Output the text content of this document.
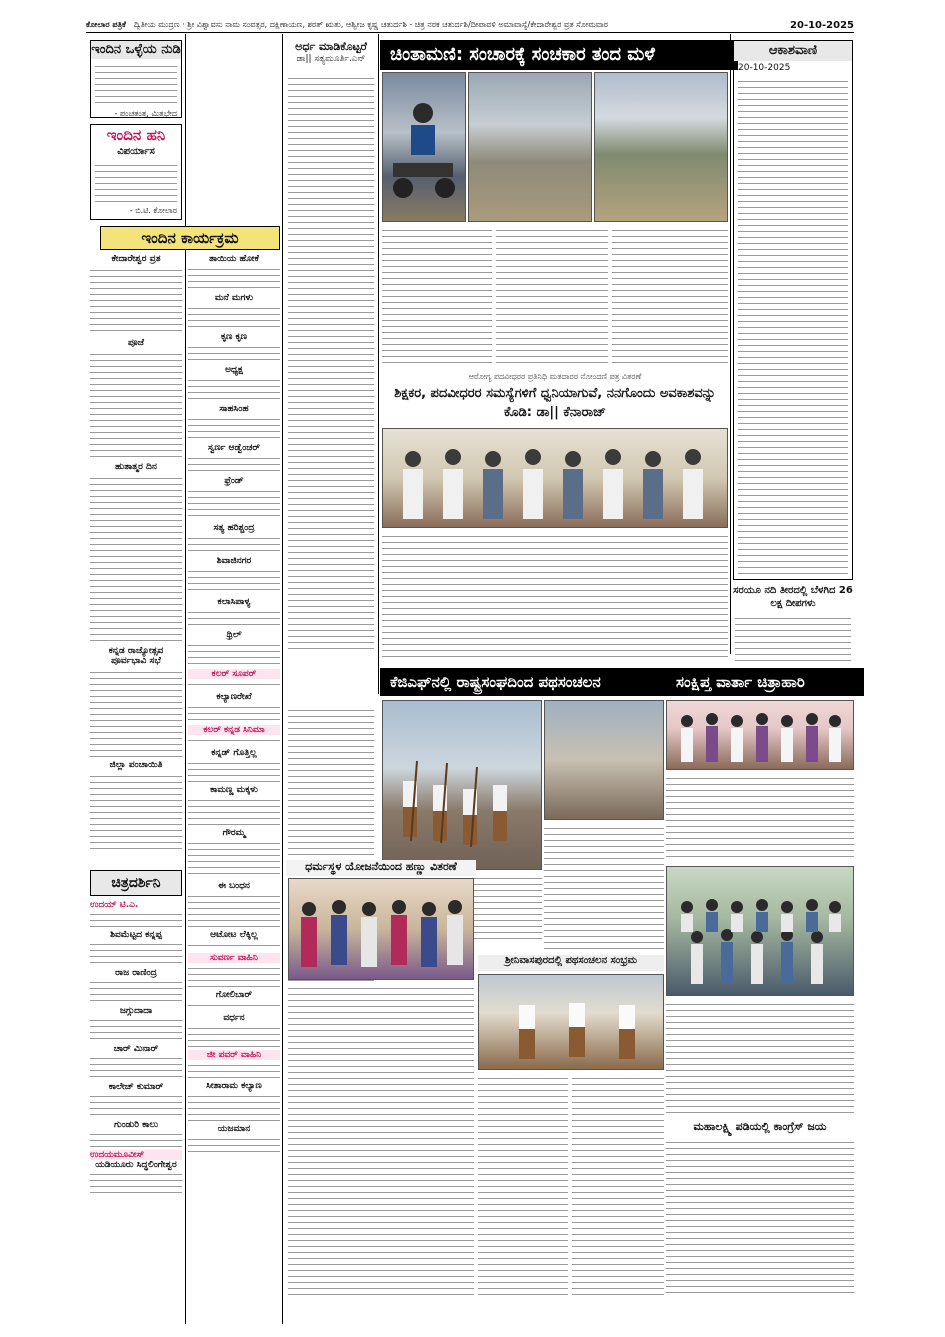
ಕೋಲಾರ ಪತ್ರಿಕೆ ದ್ವಿತೀಯ ಮುದ್ರಣ · ಶ್ರೀ ವಿಶ್ವಾವಸು ನಾಮ ಸಂವತ್ಸರ, ದಕ್ಷಿಣಾಯಣ, ಶರತ್ ಋತು, ಆಶ್ವೀಜ ಕೃಷ್ಣ ಚತುರ್ದಶಿ - ಚಿತ್ರ ನರಕ ಚತುರ್ದಶಿ/ದೀಪಾವಳಿ ಅಮಾವಾಸ್ಯೆ/ಕೇದಾರೇಶ್ವರ ವ್ರತ ಸೋಮವಾರ	20-10-2025
ಇಂದಿನ ಒಳ್ಳೆಯ ನುಡಿ
- ಪಂಚತಂತ್ರ, ಮಿತ್ರಭೇದ
ಇಂದಿನ ಹನಿ
ವಿಪರ್ಯಾಸ
- ಬಿ.ಟಿ. ಕೋಲಾರ
ಇಂದಿನ ಕಾರ್ಯಕ್ರಮ
ಕೇದಾರೇಶ್ವರ ವ್ರತ
ಪೂಜೆ
ಹುತಾತ್ಮರ ದಿನ
ಕನ್ನಡ ರಾಜ್ಯೋತ್ಸವ ಪೂರ್ವಭಾವಿ ಸಭೆ
ಜಿಲ್ಲಾ ಪಂಚಾಯಿತಿ
ಚಿತ್ರದರ್ಶಿನಿ
ಉದಯ್ ಟಿ.ಎ.
ಶಿವಮೆಟ್ಟದ ಕನ್ನಪ್ಪ
ರಾಜ ರಾಣಿಂದ್ರ
ಜಗ್ಗುದಾದಾ
ಚಾರ್ ಮಿನಾರ್
ಕಾಲೇಜ್ ಕುಮಾರ್
ಗುಂಡುರಿ ಕಾಲು
ಉದಯಮೂವೀಸ್
ಯಡಿಯೂರು ಸಿದ್ಧಲಿಂಗೇಶ್ವರ
ತಾಯಿಯ ಹೋಕೆ
ಮನೆ ಮಗಳು
ಕೃಣ ಕೃಣ
ಅಧ್ಯಕ್ಷ
ಸಾಹಸಿಂಹ
ಸ್ವರ್ಣ ಆಡ್ವೆಂಚರ್
ಫ್ರೆಂಡ್
ಸತ್ಯ ಹರಿಶ್ಚಂದ್ರ
ಶಿವಾಜಿನಗರ
ಕಲಾಸಿಪಾಳ್ಯ
ಥ್ರಿಲ್
ಕಲರ್ ಸೂಪರ್
ಕಲ್ಯಾಣರೇಖೆ
ಕಲರ್ ಕನ್ನಡ ಸಿನಿಮಾ
ಕನ್ನಡ್ ಗೊತ್ತಿಲ್ಲ
ಕಾಮಣ್ಣ ಮಕ್ಕಳು
ಗೌರಮ್ಮ
ಈ ಬಂಧನ
ಆಟೋಟ ಲೆಕ್ಕಿಲ್ಲ
ಸುವರ್ಣ ವಾಹಿನಿ
ಗೋಲಿಬಾರ್
ವರ್ಧನ
ಜೀ ಪವರ್ ವಾಹಿನಿ
ಸೀತಾರಾಮ ಕಲ್ಯಾಣ
ಯಜಮಾನ
ಅರ್ಧ ಮಾಡಿಕೊಟ್ಟರೆ
ಡಾ|| ಸತ್ಯಮೂರ್ತಿ.ಎನ್	ಚಿಂತಾಮಣಿ: ಸಂಚಾರಕ್ಕೆ ಸಂಚಕಾರ ತಂದ ಮಳೆ
ಆರೋಗ್ಯ ಪದವೀಧರರ ಪ್ರತಿನಿಧಿ ಮತದಾರರ ನೋಂದಣಿ ಪತ್ರ ವಿತರಣೆ
ಶಿಕ್ಷಕರ, ಪದವೀಧರರ ಸಮಸ್ಯೆಗಳಿಗೆ ಧ್ವನಿಯಾಗುವೆ, ನನಗೊಂದು ಅವಕಾಶವನ್ನು ಕೊಡಿ: ಡಾ|| ಕೆನಾರಾಜ್
ಆಕಾಶವಾಣಿ
20-10-2025
ಸರಯೂ ನದಿ ತೀರದಲ್ಲಿ ಬೆಳಗಿದ 26 ಲಕ್ಷ ದೀಪಗಳು
ಕೆಜಿಎಫ್‌ನಲ್ಲಿ ರಾಷ್ಟ್ರಸಂಘದಿಂದ ಪಥಸಂಚಲನ
ಶ್ರೀನಿವಾಸಪುರದಲ್ಲಿ ಪಥಸಂಚಲನ ಸಂಭ್ರಮ
ಧರ್ಮಸ್ಥಳ ಯೋಜನೆಯಿಂದ ಹಣ್ಣು ವಿತರಣೆ
ಸಂಕ್ಷಿಪ್ತ ವಾರ್ತಾ ಚಿತ್ರಾಹಾರಿ
ಮಹಾಲಕ್ಷ್ಮಿ ಪಡಿಯಲ್ಲಿ ಕಾಂಗ್ರೆಸ್ ಜಯ
